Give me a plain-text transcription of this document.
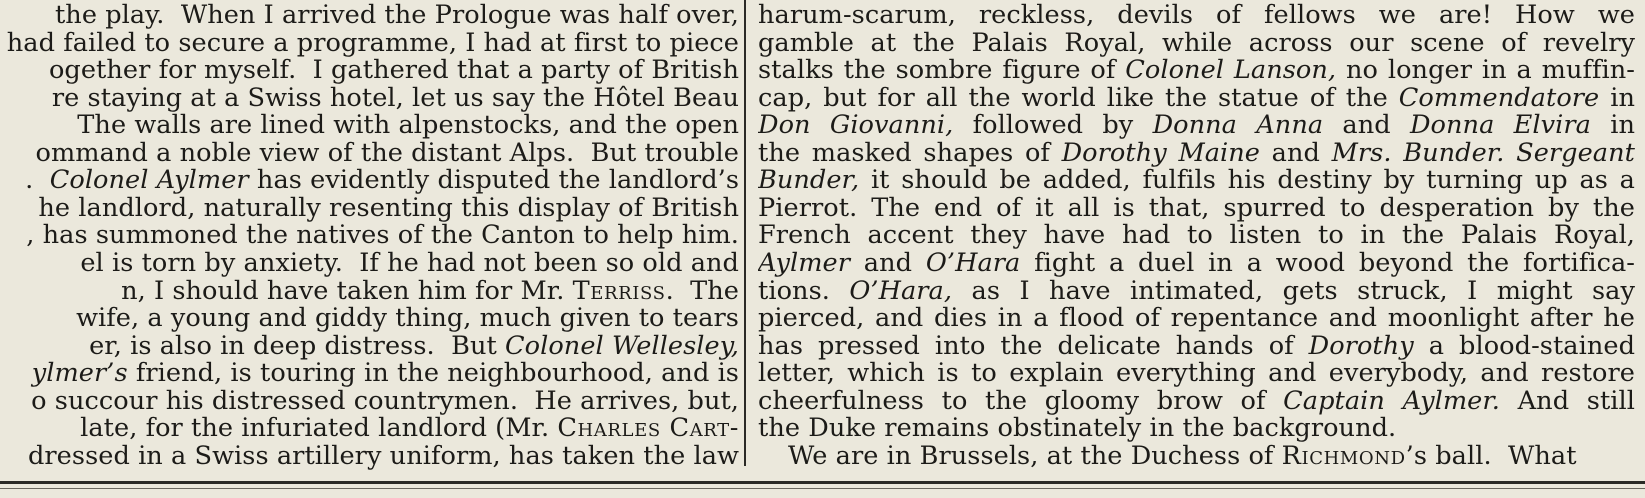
the play.  When I arrived the Prologue was half over,
had failed to secure a programme, I had at first to piece
ogether for myself.  I gathered that a party of British
re staying at a Swiss hotel, let us say the Hôtel Beau
The walls are lined with alpenstocks, and the open
ommand a noble view of the distant Alps.  But trouble
.  Colonel Aylmer has evidently disputed the landlord’s
he landlord, naturally resenting this display of British
, has summoned the natives of the Canton to help him.
el is torn by anxiety.  If he had not been so old and
n, I should have taken him for Mr. Terriss.  The
wife, a young and giddy thing, much given to tears
er, is also in deep distress.  But Colonel Wellesley,
ylmer’s friend, is touring in the neighbourhood, and is
o succour his distressed countrymen.  He arrives, but,
late, for the infuriated landlord (Mr. Charles Cart-
dressed in a Swiss artillery uniform, has taken the law
harum-scarum, reckless, devils of fellows we are! How we
gamble at the Palais Royal, while across our scene of revelry
stalks the sombre figure of Colonel Lanson, no longer in a muffin-
cap, but for all the world like the statue of the Commendatore in
Don Giovanni, followed by Donna Anna and Donna Elvira in
the masked shapes of Dorothy Maine and Mrs. Bunder. Sergeant
Bunder, it should be added, fulfils his destiny by turning up as a
Pierrot. The end of it all is that, spurred to desperation by the
French accent they have had to listen to in the Palais Royal,
Aylmer and O’Hara fight a duel in a wood beyond the fortifica-
tions. O’Hara, as I have intimated, gets struck, I might say
pierced, and dies in a flood of repentance and moonlight after he
has pressed into the delicate hands of Dorothy a blood-stained
letter, which is to explain everything and everybody, and restore
cheerfulness to the gloomy brow of Captain Aylmer. And still
the Duke remains obstinately in the background.
We are in Brussels, at the Duchess of Richmond’s ball.  What
